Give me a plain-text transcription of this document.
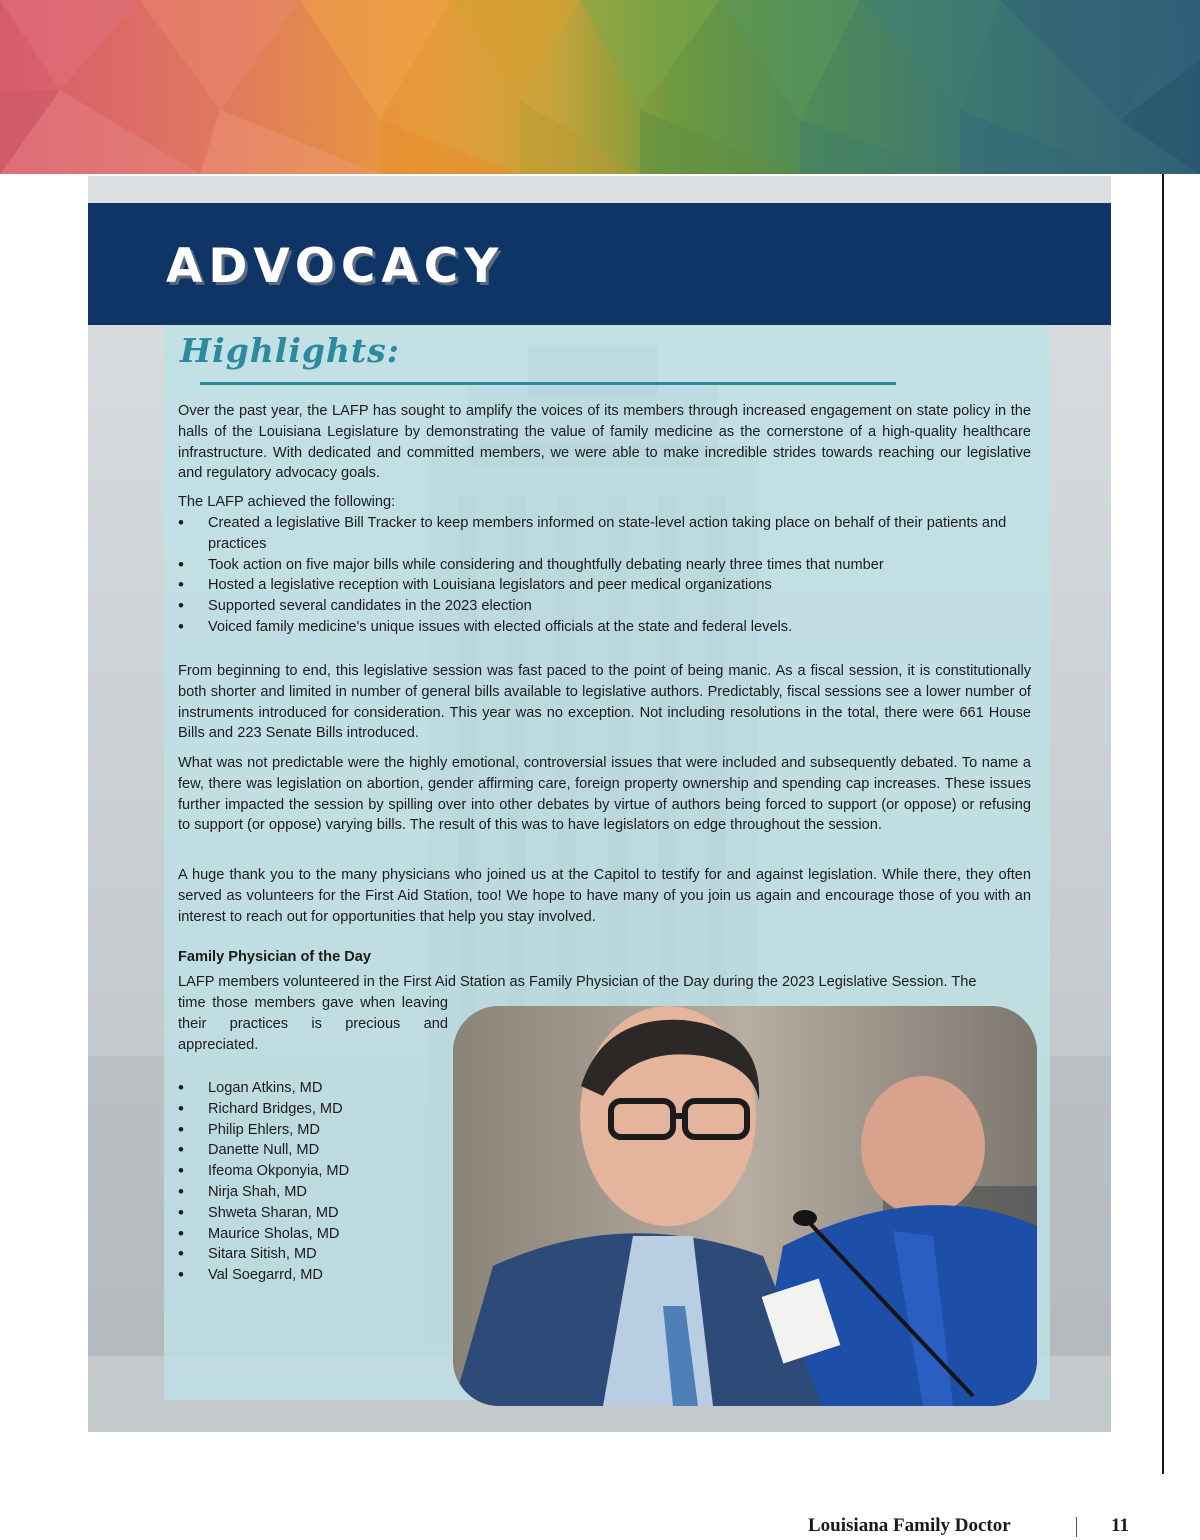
ADVOCACY
Highlights:

Over the past year, the LAFP has sought to amplify the voices of its members through increased engagement on state policy in the halls of the Louisiana Legislature by demonstrating the value of family medicine as the cornerstone of a high-quality healthcare infrastructure. With dedicated and committed members, we were able to make incredible strides towards reaching our legislative and regulatory advocacy goals.

The LAFP achieved the following:

• Created a legislative Bill Tracker to keep members informed on state-level action taking place on behalf of their patients and practices
• Took action on five major bills while considering and thoughtfully debating nearly three times that number
• Hosted a legislative reception with Louisiana legislators and peer medical organizations
• Supported several candidates in the 2023 election
• Voiced family medicine's unique issues with elected officials at the state and federal levels.

From beginning to end, this legislative session was fast paced to the point of being manic. As a fiscal session, it is constitutionally both shorter and limited in number of general bills available to legislative authors. Predictably, fiscal sessions see a lower number of instruments introduced for consideration. This year was no exception. Not including resolutions in the total, there were 661 House Bills and 223 Senate Bills introduced.

What was not predictable were the highly emotional, controversial issues that were included and subsequently debated. To name a few, there was legislation on abortion, gender affirming care, foreign property ownership and spending cap increases. These issues further impacted the session by spilling over into other debates by virtue of authors being forced to support (or oppose) or refusing to support (or oppose) varying bills. The result of this was to have legislators on edge throughout the session.

A huge thank you to the many physicians who joined us at the Capitol to testify for and against legislation. While there, they often served as volunteers for the First Aid Station, too! We hope to have many of you join us again and encourage those of you with an interest to reach out for opportunities that help you stay involved.

Family Physician of the Day

LAFP members volunteered in the First Aid Station as Family Physician of the Day during the 2023 Legislative Session. The

time those members gave when leaving their practices is precious and appreciated.

• Logan Atkins, MD
• Richard Bridges, MD
• Philip Ehlers, MD
• Danette Null, MD
• Ifeoma Okponyia, MD
• Nirja Shah, MD
• Shweta Sharan, MD
• Maurice Sholas, MD
• Sitara Sitish, MD
• Val Soegarrd, MD

Louisiana Family Doctor	11
